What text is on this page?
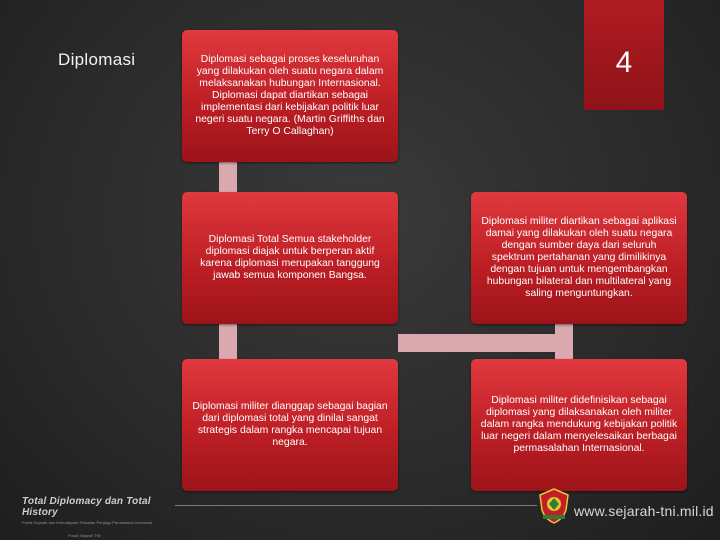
Diplomasi	4
Diplomasi sebagai proses keseluruhan yang dilakukan oleh suatu negara dalam melaksanakan hubungan Internasional. Diplomasi dapat diartikan sebagai implementasi dari kebijakan politik luar negeri suatu negara. (Martin Griffiths dan Terry O Callaghan)
Diplomasi Total Semua stakeholder diplomasi diajak untuk berperan aktif karena diplomasi merupakan tanggung jawab semua komponen Bangsa.
Diplomasi militer dianggap sebagai bagian dari diplomasi total yang dinilai sangat strategis dalam rangka mencapai tujuan negara.
Diplomasi militer diartikan sebagai aplikasi damai yang dilakukan oleh suatu negara dengan sumber daya dari seluruh spektrum pertahanan yang dimilikinya dengan tujuan untuk mengembangkan hubungan bilateral dan multilateral yang saling menguntungkan.
Diplomasi militer didefinisikan sebagai diplomasi yang dilaksanakan oleh militer dalam rangka mendukung kebijakan politik luar negeri dalam menyelesaikan berbagai permasalahan Internasional.
Total Diplomacy dan Total History
Portal Sejarah dan Kebudayaan Pasukan Penjaga Perdamaian Indonesia
Pusat Sejarah TNI
www.sejarah-tni.mil.id
